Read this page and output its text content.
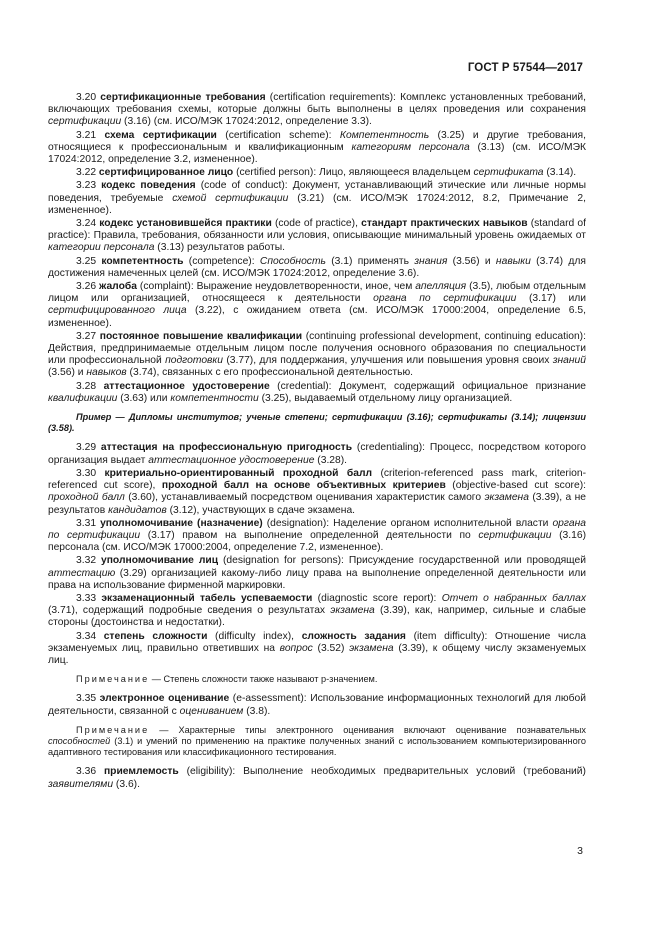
ГОСТ Р 57544—2017

3.20 сертификационные требования (certification requirements): Комплекс установленных требований, включающих требования схемы, которые должны быть выполнены в целях проведения или сохранения сертификации (3.16) (см. ИСО/МЭК 17024:2012, определение 3.3).

3.21 схема сертификации (certification scheme): Компетентность (3.25) и другие требования, относящиеся к профессиональным и квалификационным категориям персонала (3.13) (см. ИСО/МЭК 17024:2012, определение 3.2, измененное).

3.22 сертифицированное лицо (certified person): Лицо, являющееся владельцем сертификата (3.14).

3.23 кодекс поведения (code of conduct): Документ, устанавливающий этические или личные нормы поведения, требуемые схемой сертификации (3.21) (см. ИСО/МЭК 17024:2012, 8.2, Примечание 2, измененное).

3.24 кодекс установившейся практики (code of practice), стандарт практических навыков (standard of practice): Правила, требования, обязанности или условия, описывающие минимальный уровень ожидаемых от категории персонала (3.13) результатов работы.

3.25 компетентность (competence): Способность (3.1) применять знания (3.56) и навыки (3.74) для достижения намеченных целей (см. ИСО/МЭК 17024:2012, определение 3.6).

3.26 жалоба (complaint): Выражение неудовлетворенности, иное, чем апелляция (3.5), любым отдельным лицом или организацией, относящееся к деятельности органа по сертификации (3.17) или сертифицированного лица (3.22), с ожиданием ответа (см. ИСО/МЭК 17000:2004, определение 6.5, измененное).

3.27 постоянное повышение квалификации (continuing professional development, continuing education): Действия, предпринимаемые отдельным лицом после получения основного образования по специальности или профессиональной подготовки (3.77), для поддержания, улучшения или повышения уровня своих знаний (3.56) и навыков (3.74), связанных с его профессиональной деятельностью.

3.28 аттестационное удостоверение (credential): Документ, содержащий официальное признание квалификации (3.63) или компетентности (3.25), выдаваемый отдельному лицу организацией.

Пример — Дипломы институтов; ученые степени; сертификации (3.16); сертификаты (3.14); лицензии (3.58).

3.29 аттестация на профессиональную пригодность (credentialing): Процесс, посредством которого организация выдает аттестационное удостоверение (3.28).

3.30 критериально-ориентированный проходной балл (criterion-referenced pass mark, criterion-referenced cut score), проходной балл на основе объективных критериев (objective-based cut score): проходной балл (3.60), устанавливаемый посредством оценивания характеристик самого экзамена (3.39), а не результатов кандидатов (3.12), участвующих в сдаче экзамена.

3.31 уполномочивание (назначение) (designation): Наделение органом исполнительной власти органа по сертификации (3.17) правом на выполнение определенной деятельности по сертификации (3.16) персонала (см. ИСО/МЭК 17000:2004, определение 7.2, измененное).

3.32 уполномочивание лиц (designation for persons): Присуждение государственной или проводящей аттестацию (3.29) организацией какому-либо лицу права на выполнение определенной деятельности или права на использование фирменной маркировки.

3.33 экзаменационный табель успеваемости (diagnostic score report): Отчет о набранных баллах (3.71), содержащий подробные сведения о результатах экзамена (3.39), как, например, сильные и слабые стороны (достоинства и недостатки).

3.34 степень сложности (difficulty index), сложность задания (item difficulty): Отношение числа экзаменуемых лиц, правильно ответивших на вопрос (3.52) экзамена (3.39), к общему числу экзаменуемых лиц.

Примечание — Степень сложности также называют p-значением.

3.35 электронное оценивание (e-assessment): Использование информационных технологий для любой деятельности, связанной с оцениванием (3.8).

Примечание — Характерные типы электронного оценивания включают оценивание познавательных способностей (3.1) и умений по применению на практике полученных знаний с использованием компьютеризированного адаптивного тестирования или классификационного тестирования.

3.36 приемлемость (eligibility): Выполнение необходимых предварительных условий (требований) заявителями (3.6).

3
